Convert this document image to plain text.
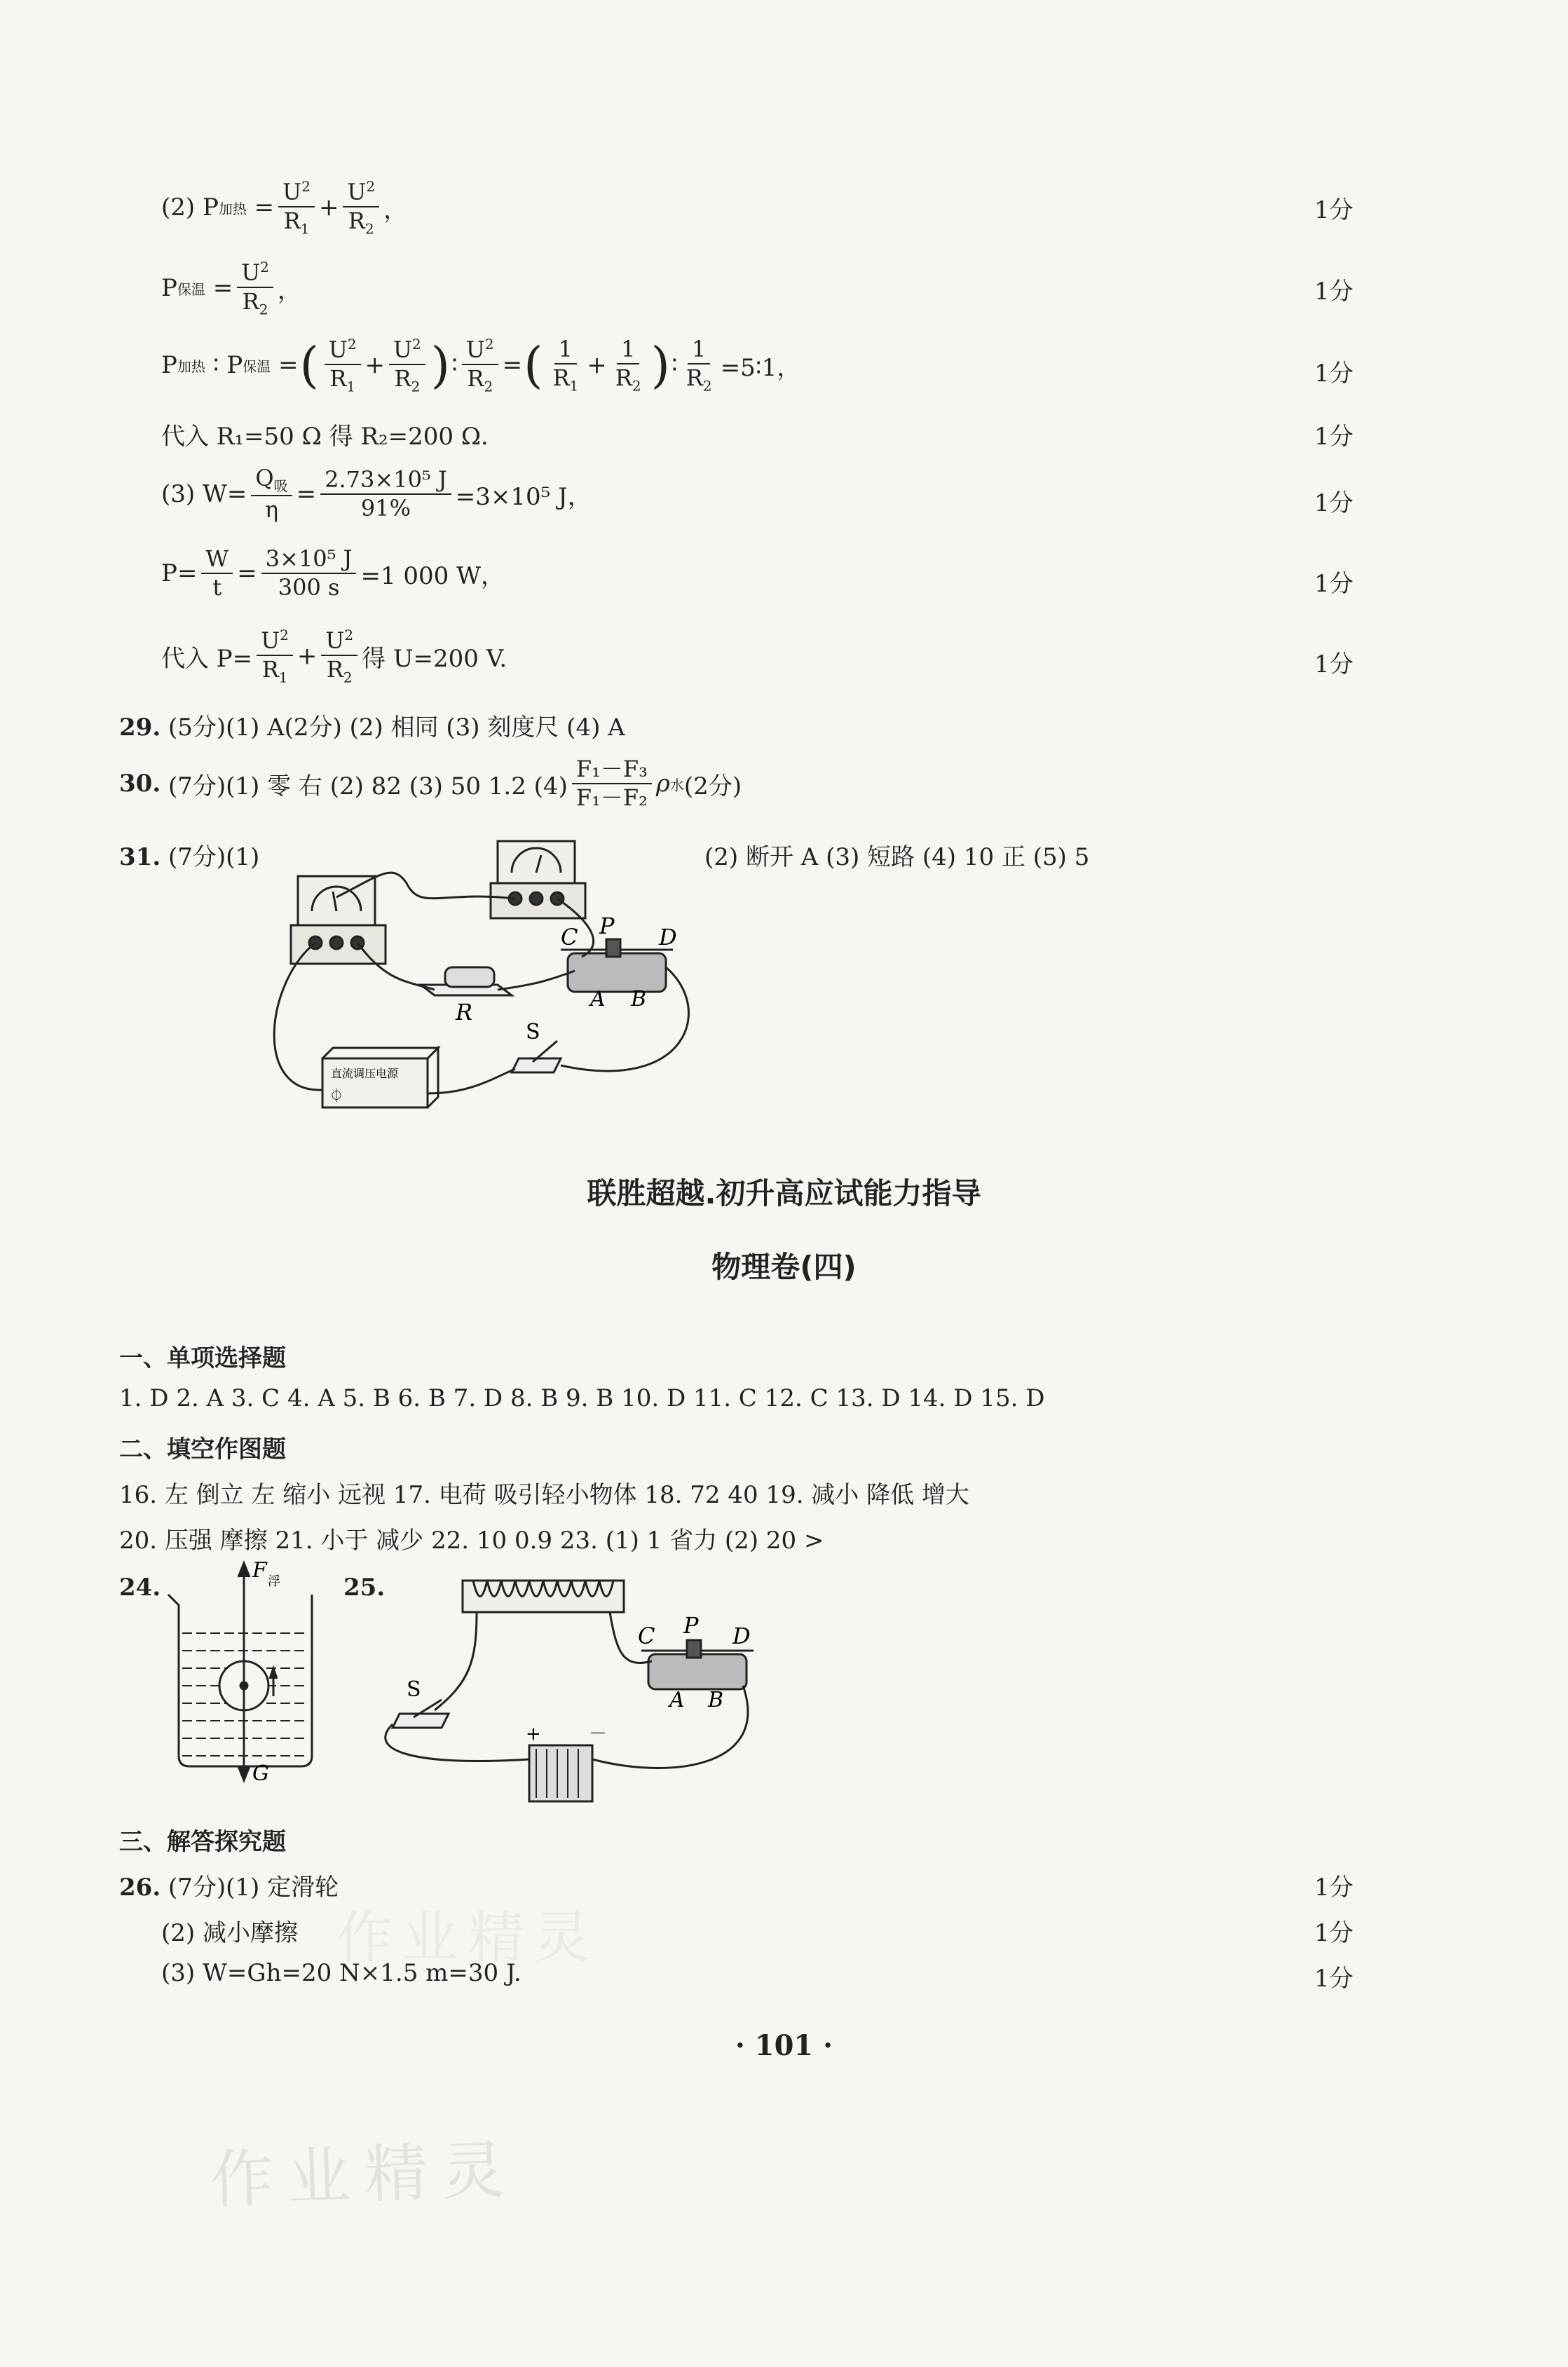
作业精灵
作业精灵
(2) P 加热 = $\frac{U^2}{R_1} + \frac{U^2}{R_2}$ ，	1分
P 保温 = $\frac{U^2}{R_2}$ ，	1分
P 加热 ∶ P 保温 = ( $\frac{U^2}{R_1} + \frac{U^2}{R_2}$ ) ∶ $\frac{U^2}{R_2}$ = ( $\frac{1}{R_1} + \frac{1}{R_2}$ ) ∶ $\frac{1}{R_2}$ =5∶1，	1分
代入 R₁=50 Ω 得 R₂=200 Ω.	1分
(3) $W= \frac{Q_吸}{\eta} = \frac{\text{2.73×10⁵ J}}{91\%} =3\times 10^5$ J，	1分
$P= \frac{W}{t} = \frac{\text{3×10⁵ J}}{300 s} =1$ 000 W，	1分
代入 $P= \frac{U^2}{R_1} + \frac{U^2}{R_2}$ 得 U=200 V.	1分
29. (5分)(1) A(2分) (2) 相同 (3) 刻度尺 (4) A
30.
(7分)(1) 零 右 (2) 82 (3) 50 1.2 $(4) \frac{\text{F₁－F₃}}{\text{F₁－F₂}}$ ρ 水 (2分)
31. (7分)(1)	(2) 断开 A (3) 短路 (4) 10 正 (5) 5
C P D
A B
R
S
直流调压电源
⏀
联胜超越.初升高应试能力指导
物理卷(四)
一、单项选择题
1. D 2. A 3. C 4. A 5. B 6. B 7. D 8. B 9. B 10. D 11. C 12. C 13. D 14. D 15. D
二、填空作图题
16. 左 倒立 左 缩小 远视 17. 电荷 吸引轻小物体 18. 72 40 19. 减小 降低 增大
20. 压强 摩擦 21. 小于 减少 22. 10 0.9 23. (1) 1 省力 (2) 20 >
24.
F 浮
G
25.
S
C P D
A B
+	－
三、解答探究题
26. (7分)(1) 定滑轮	1分
(2) 减小摩擦	1分
(3) W=Gh=20 N×1.5 m=30 J.	1分
· 101 ·
